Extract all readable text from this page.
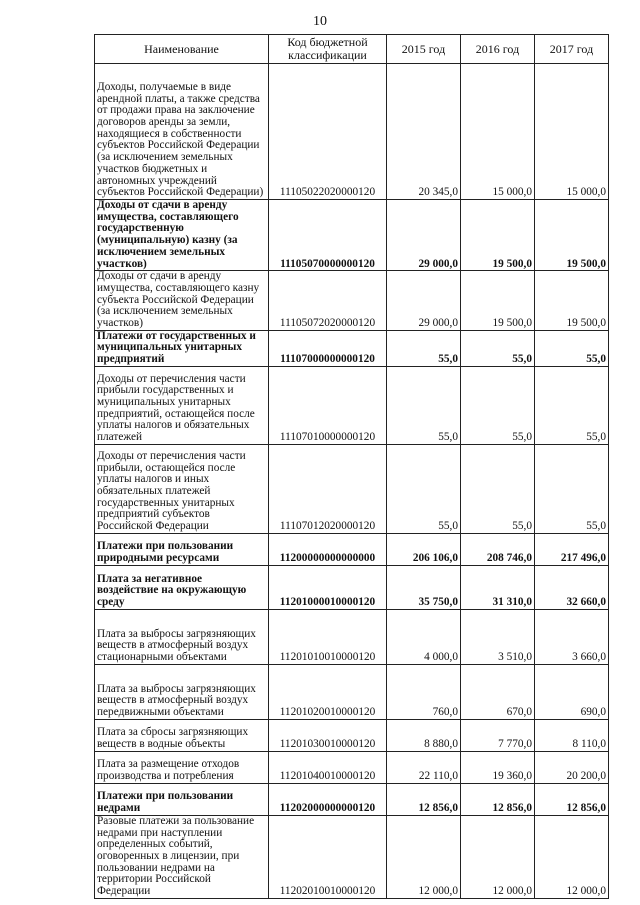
10
Наименование	Код бюджетной классификации	2015 год	2016 год	2017 год
Доходы, получаемые в виде арендной платы, а также средства от продажи права на заключение договоров аренды за земли, находящиеся в собственности субъектов Российской Федерации (за исключением земельных участков бюджетных и автономных учреждений субъектов Российской Федерации)	11105022020000120	20 345,0	15 000,0	15 000,0
Доходы от сдачи в аренду имущества, составляющего государственную (муниципальную) казну (за исключением земельных участков)	11105070000000120	29 000,0	19 500,0	19 500,0
Доходы от сдачи в аренду имущества, составляющего казну субъекта Российской Федерации (за исключением земельных участков)	11105072020000120	29 000,0	19 500,0	19 500,0
Платежи от государственных и муниципальных унитарных предприятий	11107000000000120	55,0	55,0	55,0
Доходы от перечисления части прибыли государственных и муниципальных унитарных предприятий, остающейся после уплаты налогов и обязательных платежей	11107010000000120	55,0	55,0	55,0
Доходы от перечисления части прибыли, остающейся после уплаты налогов и иных обязательных платежей государственных унитарных предприятий субъектов Российской Федерации	11107012020000120	55,0	55,0	55,0
Платежи при пользовании природными ресурсами	11200000000000000	206 106,0	208 746,0	217 496,0
Плата за негативное воздействие на окружающую среду	11201000010000120	35 750,0	31 310,0	32 660,0
Плата за выбросы загрязняющих веществ в атмосферный воздух стационарными объектами	11201010010000120	4 000,0	3 510,0	3 660,0
Плата за выбросы загрязняющих веществ в атмосферный воздух передвижными объектами	11201020010000120	760,0	670,0	690,0
Плата за сбросы загрязняющих веществ в водные объекты	11201030010000120	8 880,0	7 770,0	8 110,0
Плата за размещение отходов производства и потребления	11201040010000120	22 110,0	19 360,0	20 200,0
Платежи при пользовании недрами	11202000000000120	12 856,0	12 856,0	12 856,0
Разовые платежи за пользование недрами при наступлении определенных событий, оговоренных в лицензии, при пользовании недрами на территории Российской Федерации	11202010010000120	12 000,0	12 000,0	12 000,0
